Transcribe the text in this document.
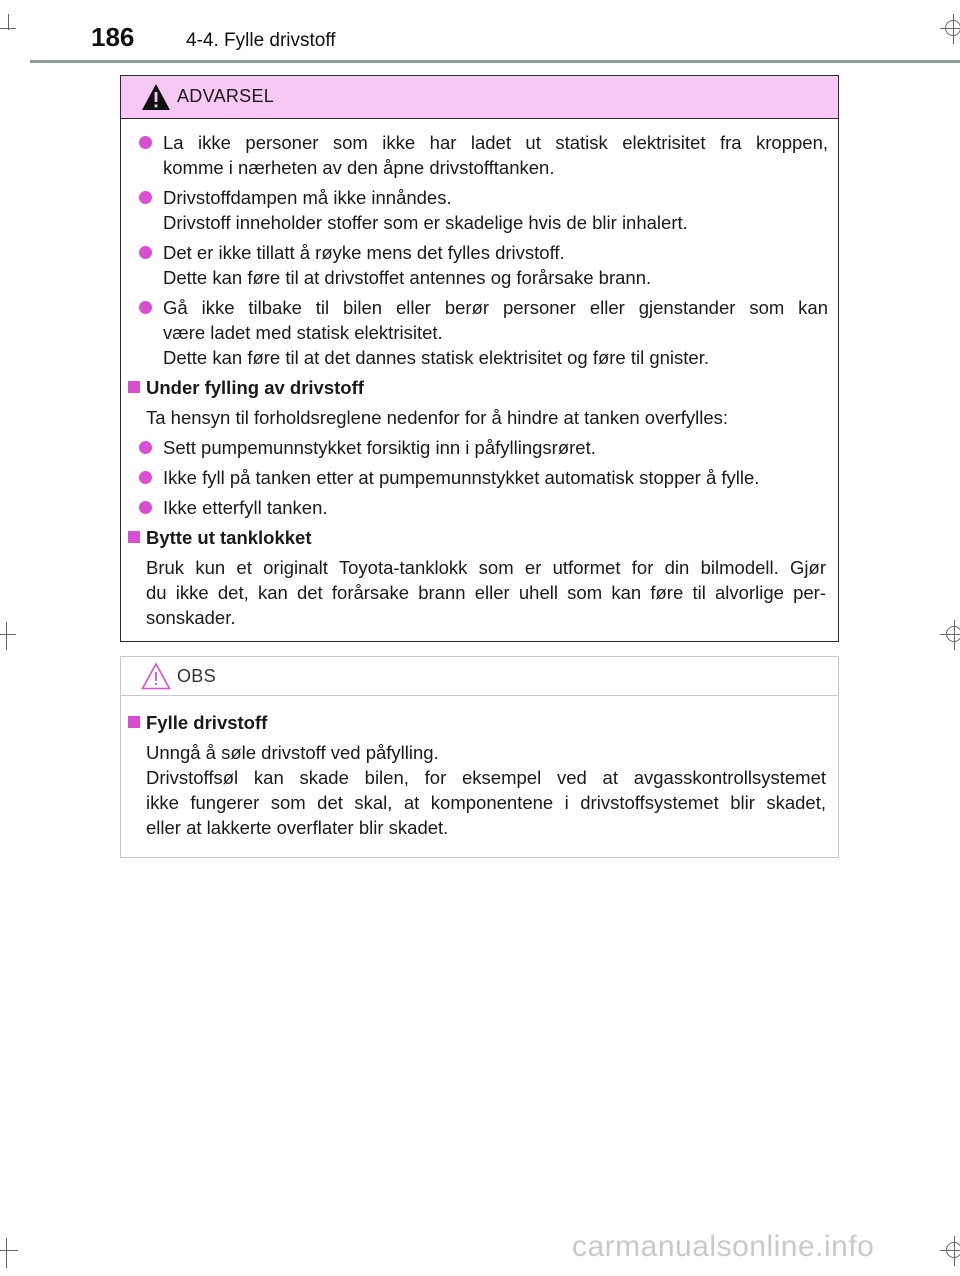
186	4-4. Fylle drivstoff
ADVARSEL
La ikke personer som ikke har ladet ut statisk elektrisitet fra kroppen,
komme i nærheten av den åpne drivstofftanken.
Drivstoffdampen må ikke innåndes.
Drivstoff inneholder stoffer som er skadelige hvis de blir inhalert.
Det er ikke tillatt å røyke mens det fylles drivstoff.
Dette kan føre til at drivstoffet antennes og forårsake brann.
Gå ikke tilbake til bilen eller berør personer eller gjenstander som kan
være ladet med statisk elektrisitet.
Dette kan føre til at det dannes statisk elektrisitet og føre til gnister.
Under fylling av drivstoff
Ta hensyn til forholdsreglene nedenfor for å hindre at tanken overfylles:
Sett pumpemunnstykket forsiktig inn i påfyllingsrøret.
Ikke fyll på tanken etter at pumpemunnstykket automatisk stopper å fylle.
Ikke etterfyll tanken.
Bytte ut tanklokket
Bruk kun et originalt Toyota-tanklokk som er utformet for din bilmodell. Gjør
du ikke det, kan det forårsake brann eller uhell som kan føre til alvorlige per-
sonskader.
OBS
Fylle drivstoff
Unngå å søle drivstoff ved påfylling.
Drivstoffsøl kan skade bilen, for eksempel ved at avgasskontrollsystemet
ikke fungerer som det skal, at komponentene i drivstoffsystemet blir skadet,
eller at lakkerte overflater blir skadet.
carmanualsonline.info
